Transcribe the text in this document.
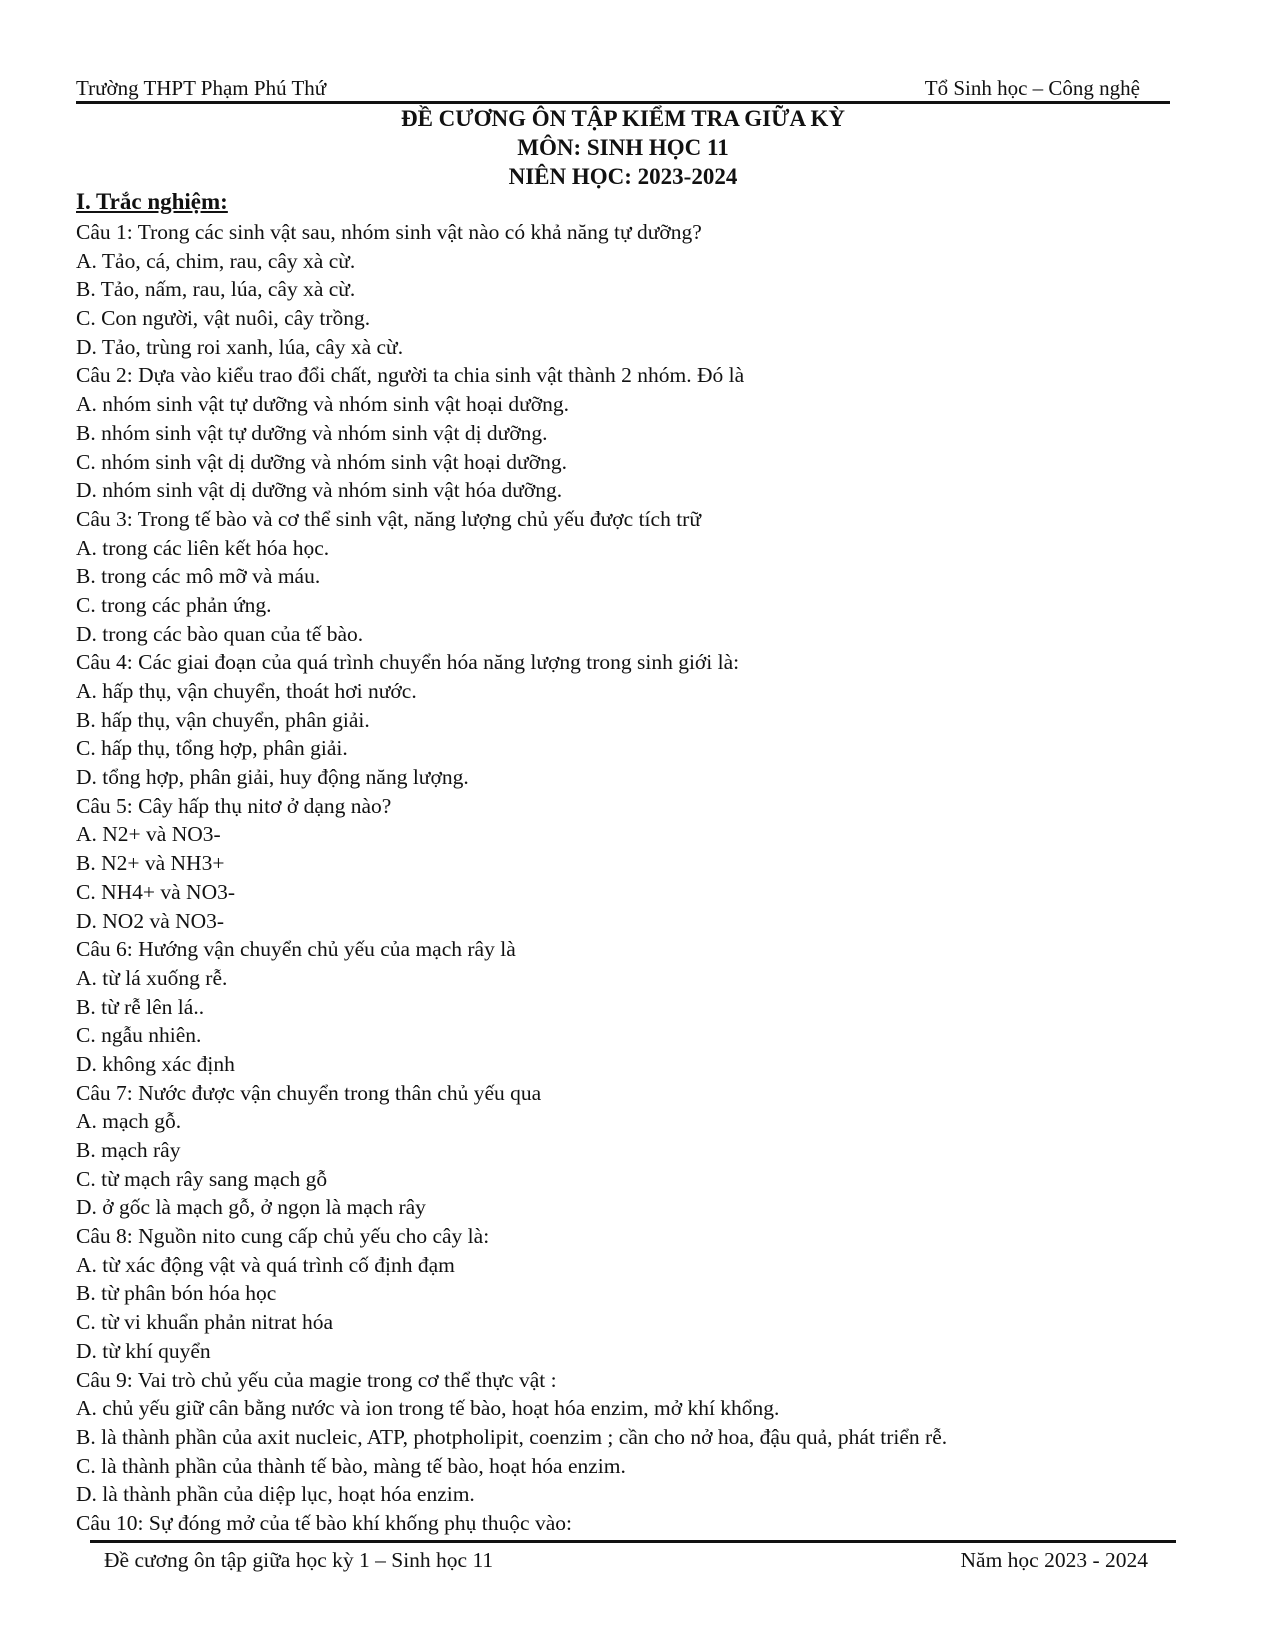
Trường THPT Phạm Phú Thứ	Tổ Sinh học – Công nghệ
ĐỀ CƯƠNG ÔN TẬP KIỂM TRA GIỮA KỲ
MÔN: SINH HỌC 11
NIÊN HỌC: 2023-2024
I. Trắc nghiệm:
Câu 1: Trong các sinh vật sau, nhóm sinh vật nào có khả năng tự dưỡng?
A. Tảo, cá, chim, rau, cây xà cừ.
B. Tảo, nấm, rau, lúa, cây xà cừ.
C. Con người, vật nuôi, cây trồng.
D. Tảo, trùng roi xanh, lúa, cây xà cừ.
Câu 2: Dựa vào kiểu trao đổi chất, người ta chia sinh vật thành 2 nhóm. Đó là
A. nhóm sinh vật tự dưỡng và nhóm sinh vật hoại dưỡng.
B. nhóm sinh vật tự dưỡng và nhóm sinh vật dị dưỡng.
C. nhóm sinh vật dị dưỡng và nhóm sinh vật hoại dưỡng.
D. nhóm sinh vật dị dưỡng và nhóm sinh vật hóa dưỡng.
Câu 3: Trong tế bào và cơ thể sinh vật, năng lượng chủ yếu được tích trữ
A. trong các liên kết hóa học.
B. trong các mô mỡ và máu.
C. trong các phản ứng.
D. trong các bào quan của tế bào.
Câu 4: Các giai đoạn của quá trình chuyển hóa năng lượng trong sinh giới là:
A. hấp thụ, vận chuyển, thoát hơi nước.
B. hấp thụ, vận chuyển, phân giải.
C. hấp thụ, tổng hợp, phân giải.
D. tổng hợp, phân giải, huy động năng lượng.
Câu 5: Cây hấp thụ nitơ ở dạng nào?
A. N2+ và NO3-
B. N2+ và NH3+
C. NH4+ và NO3-
D. NO2 và NO3-
Câu 6: Hướng vận chuyển chủ yếu của mạch rây là
A. từ lá xuống rễ.
B. từ rễ lên lá..
C. ngẫu nhiên.
D. không xác định
Câu 7: Nước được vận chuyển trong thân chủ yếu qua
A. mạch gỗ.
B. mạch rây
C. từ mạch rây sang mạch gỗ
D. ở gốc là mạch gỗ, ở ngọn là mạch rây
Câu 8: Nguồn nito cung cấp chủ yếu cho cây là:
A. từ xác động vật và quá trình cố định đạm
B. từ phân bón hóa học
C. từ vi khuẩn phản nitrat hóa
D. từ khí quyển
Câu 9: Vai trò chủ yếu của magie trong cơ thể thực vật :
A. chủ yếu giữ cân bằng nước và ion trong tế bào, hoạt hóa enzim, mở khí khổng.
B. là thành phần của axit nucleic, ATP, photpholipit, coenzim ; cần cho nở hoa, đậu quả, phát triển rễ.
C. là thành phần của thành tế bào, màng tế bào, hoạt hóa enzim.
D. là thành phần của diệp lục, hoạt hóa enzim.
Câu 10: Sự đóng mở của tế bào khí khống phụ thuộc vào:
Đề cương ôn tập giữa học kỳ 1 – Sinh học 11	Năm học 2023 - 2024
